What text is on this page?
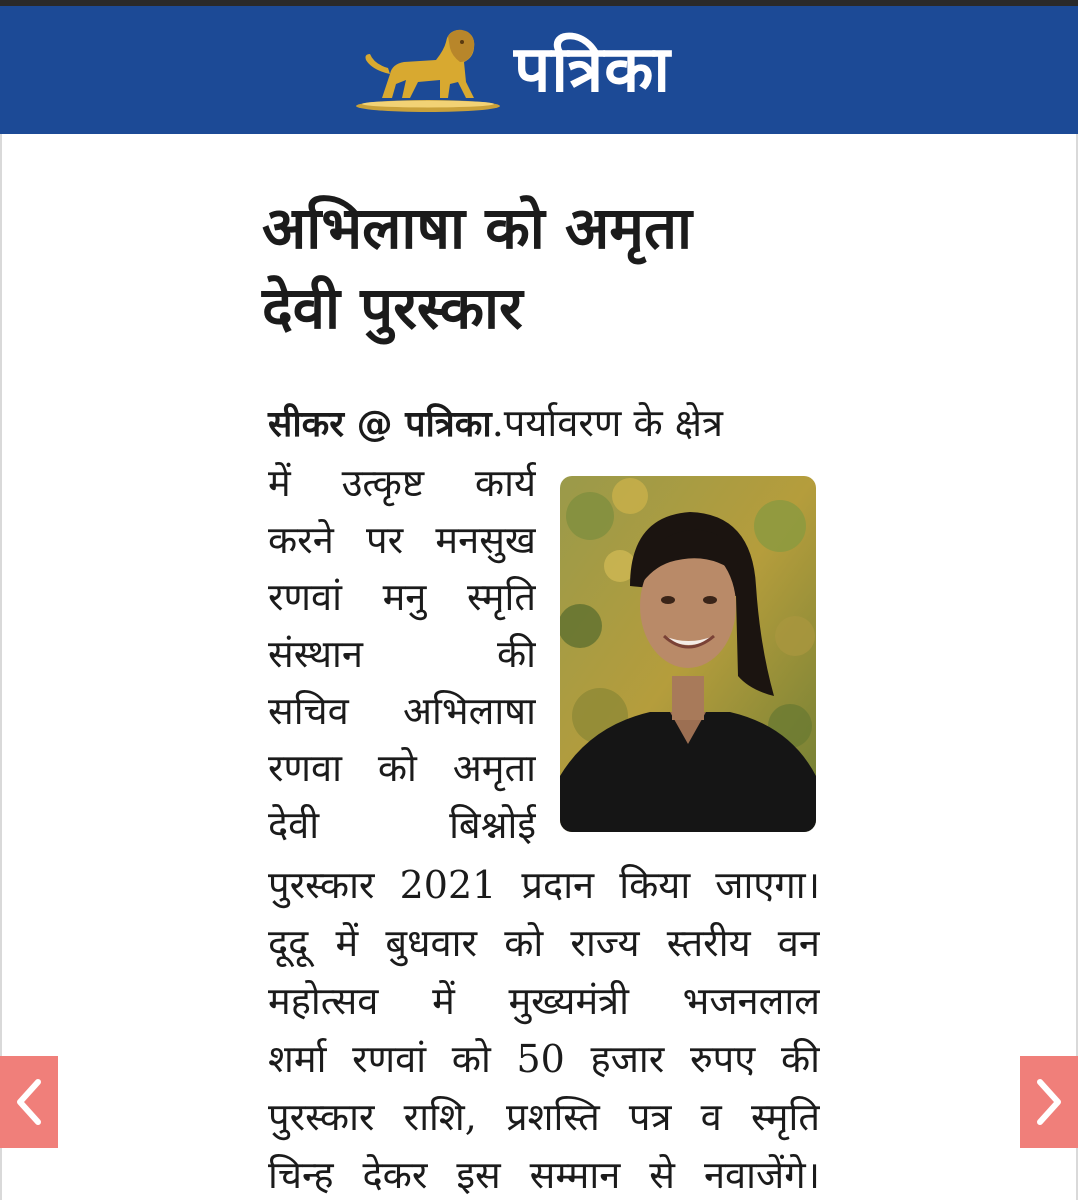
पत्रिका
अभिलाषा को अमृता
देवी पुरस्कार
सीकर @ पत्रिका.पर्यावरण के क्षेत्र
में उत्कृष्ट कार्य
करने पर मनसुख
रणवां मनु स्मृति
संस्थान	की
सचिव अभिलाषा
रणवा को अमृता
देवी	बिश्नोई
पुरस्कार 2021 प्रदान किया जाएगा।
दूदू में बुधवार को राज्य स्तरीय वन
महोत्सव में मुख्यमंत्री भजनलाल
शर्मा रणवां को 50 हजार रुपए की
पुरस्कार राशि, प्रशस्ति पत्र व स्मृति
चिन्ह देकर इस सम्मान से नवाजेंगे।
